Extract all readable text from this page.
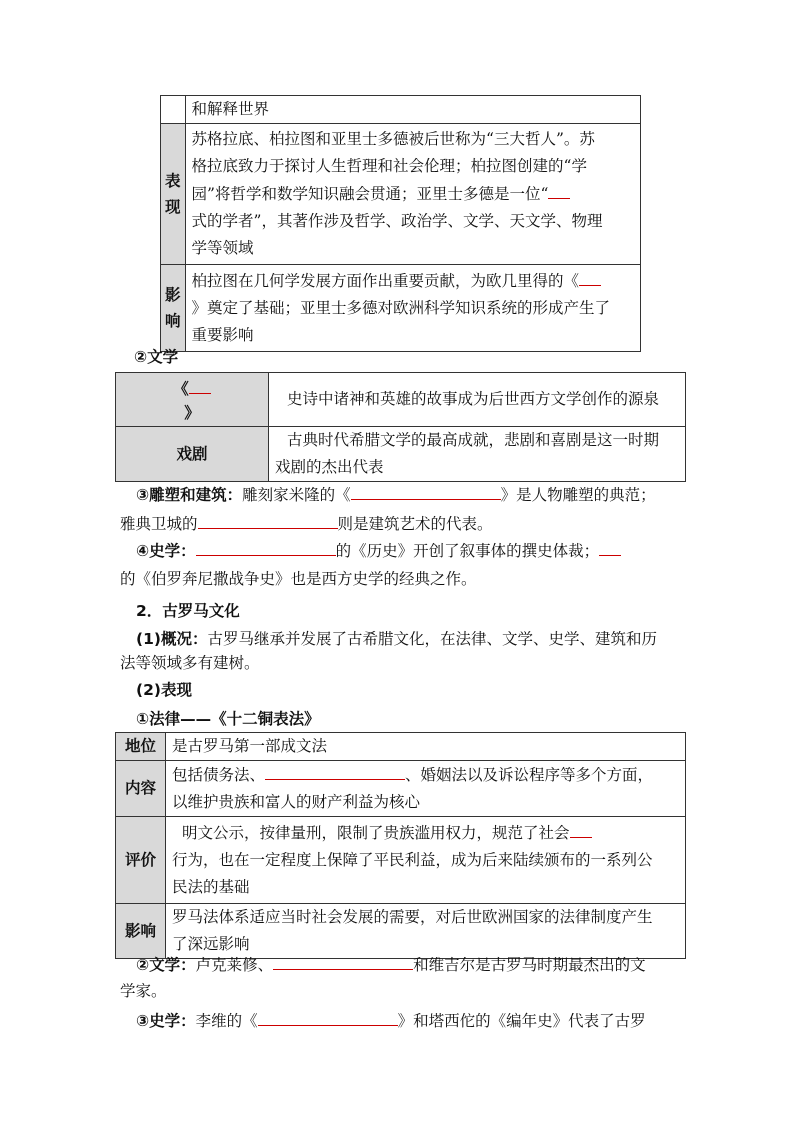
	和解释世界
表现	苏格拉底、柏拉图和亚里士多德被后世称为“三大哲人”。苏
格拉底致力于探讨人生哲理和社会伦理；柏拉图创建的“学
园”将哲学和数学知识融会贯通；亚里士多德是一位“
式的学者”，其著作涉及哲学、政治学、文学、天文学、物理
学等领域

影响	柏拉图在几何学发展方面作出重要贡献，为欧几里得的《
》奠定了基础；亚里士多德对欧洲科学知识系统的形成产生了
重要影响
②文学
《
》	史诗中诸神和英雄的故事成为后世西方文学创作的源泉
戏剧	古典时代希腊文学的最高成就，悲剧和喜剧是这一时期
戏剧的杰出代表
③雕塑和建筑：雕刻家米隆的《	》是人物雕塑的典范；
雅典卫城的	则是建筑艺术的代表。
④史学：	的《历史》开创了叙事体的撰史体裁；
的《伯罗奔尼撒战争史》也是西方史学的经典之作。
2．古罗马文化
(1)概况：古罗马继承并发展了古希腊文化，在法律、文学、史学、建筑和历
法等领域多有建树。
(2)表现
①法律——《十二铜表法》
地位	是古罗马第一部成文法
内容	包括债务法、 、婚姻法以及诉讼程序等多个方面，
以维护贵族和富人的财产利益为核心

评价	明文公示，按律量刑，限制了贵族滥用权力，规范了社会
行为，也在一定程度上保障了平民利益，成为后来陆续颁布的一系列公
民法的基础

影响	罗马法体系适应当时社会发展的需要，对后世欧洲国家的法律制度产生
了深远影响
②文学：卢克莱修、	和维吉尔是古罗马时期最杰出的文
学家。
③史学：李维的《	》和塔西佗的《编年史》代表了古罗
